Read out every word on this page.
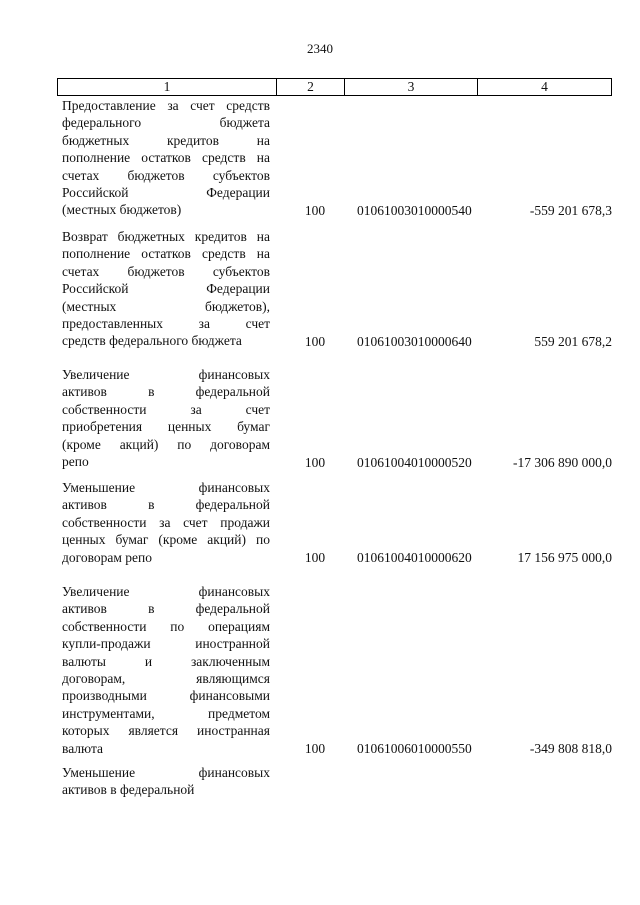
2340
1	2	3	4
Предоставление за счет средств
федерального бюджета
бюджетных кредитов на
пополнение остатков средств на
счетах бюджетов субъектов
Российской Федерации
(местных бюджетов)	100	01061003010000540	-559 201 678,3
Возврат бюджетных кредитов на
пополнение остатков средств на
счетах бюджетов субъектов
Российской Федерации
(местных бюджетов),
предоставленных за счет
средств федерального бюджета	100	01061003010000640	559 201 678,2
Увеличение финансовых
активов в федеральной
собственности за счет
приобретения ценных бумаг
(кроме акций) по договорам
репо	100	01061004010000520	-17 306 890 000,0
Уменьшение финансовых
активов в федеральной
собственности за счет продажи
ценных бумаг (кроме акций) по
договорам репо	100	01061004010000620	17 156 975 000,0
Увеличение финансовых
активов в федеральной
собственности по операциям
купли-продажи иностранной
валюты и заключенным
договорам, являющимся
производными финансовыми
инструментами, предметом
которых является иностранная
валюта	100	01061006010000550	-349 808 818,0
Уменьшение финансовых
активов в федеральной
